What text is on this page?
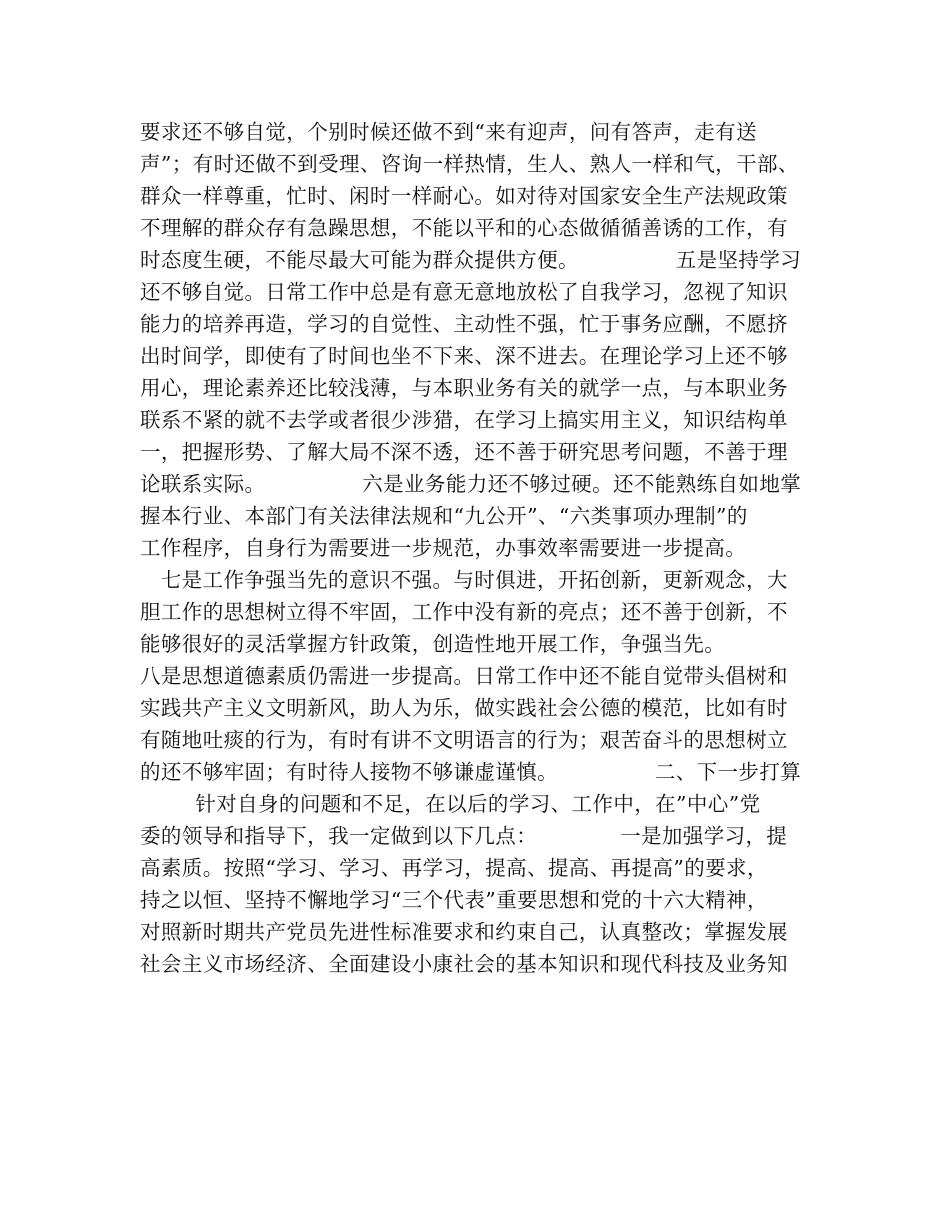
要求还不够自觉，个别时候还做不到“来有迎声，问有答声，走有送
声”；有时还做不到受理、咨询一样热情，生人、熟人一样和气，干部、
群众一样尊重，忙时、闲时一样耐心。如对待对国家安全生产法规政策
不理解的群众存有急躁思想，不能以平和的心态做循循善诱的工作，有
时态度生硬，不能尽最大可能为群众提供方便。              五是坚持学习
还不够自觉。日常工作中总是有意无意地放松了自我学习，忽视了知识
能力的培养再造，学习的自觉性、主动性不强，忙于事务应酬，不愿挤
出时间学，即使有了时间也坐不下来、深不进去。在理论学习上还不够
用心，理论素养还比较浅薄，与本职业务有关的就学一点，与本职业务
联系不紧的就不去学或者很少涉猎，在学习上搞实用主义，知识结构单
一，把握形势、了解大局不深不透，还不善于研究思考问题，不善于理
论联系实际。              六是业务能力还不够过硬。还不能熟练自如地掌
握本行业、本部门有关法律法规和“九公开”、“六类事项办理制”的
工作程序，自身行为需要进一步规范，办事效率需要进一步提高。
七是工作争强当先的意识不强。与时俱进，开拓创新，更新观念，大
胆工作的思想树立得不牢固，工作中没有新的亮点；还不善于创新，不
能够很好的灵活掌握方针政策，创造性地开展工作，争强当先。
八是思想道德素质仍需进一步提高。日常工作中还不能自觉带头倡树和
实践共产主义文明新风，助人为乐，做实践社会公德的模范，比如有时
有随地吐痰的行为，有时有讲不文明语言的行为；艰苦奋斗的思想树立
的还不够牢固；有时待人接物不够谦虚谨慎。              二、下一步打算
针对自身的问题和不足，在以后的学习、工作中，在”中心”党
委的领导和指导下，我一定做到以下几点：            一是加强学习，提
高素质。按照“学习、学习、再学习，提高、提高、再提高”的要求，
持之以恒、坚持不懈地学习“三个代表”重要思想和党的十六大精神，
对照新时期共产党员先进性标准要求和约束自己，认真整改；掌握发展
社会主义市场经济、全面建设小康社会的基本知识和现代科技及业务知
